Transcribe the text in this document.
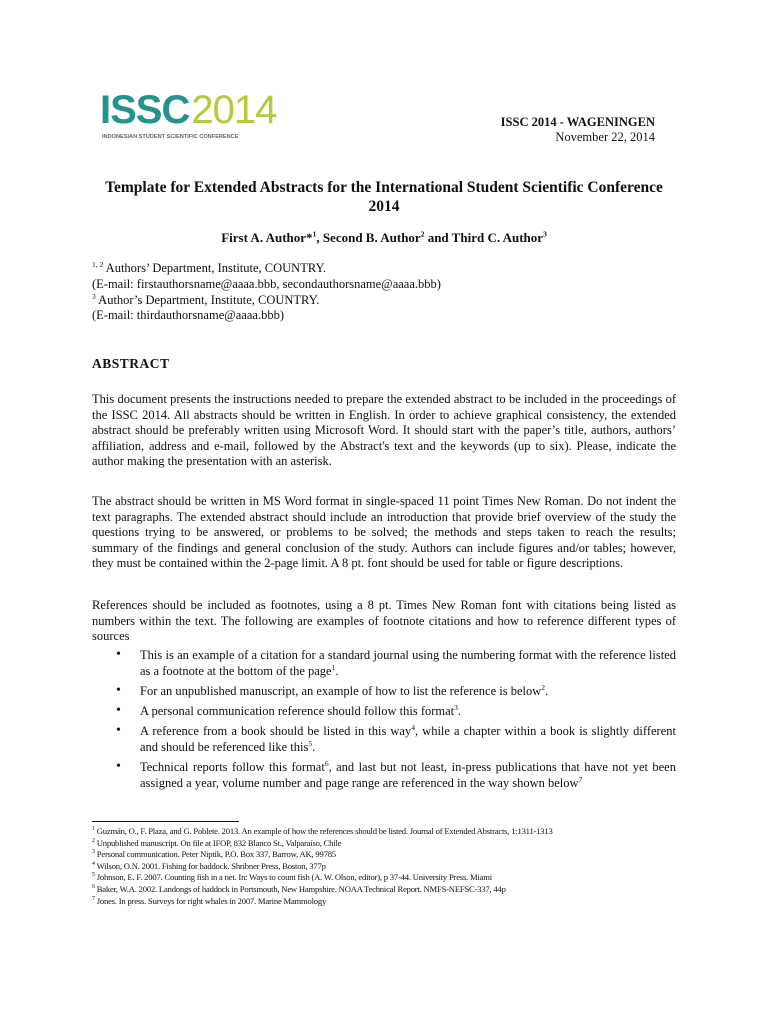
ISSC2014
INDONESIAN STUDENT SCIENTIFIC CONFERENCE
ISSC 2014 - WAGENINGEN
November 22, 2014
Template for Extended Abstracts for the International Student Scientific Conference 2014
First A. Author*$^1$, Second B. Author$^2$ and Third C. Author$^3$
$^{1, 2}$ Authors’ Department, Institute, COUNTRY.
(E-mail: firstauthorsname@aaaa.bbb, secondauthorsname@aaaa.bbb)
$^3$ Author’s Department, Institute, COUNTRY.
(E-mail: thirdauthorsname@aaaa.bbb)
ABSTRACT

This document presents the instructions needed to prepare the extended abstract to be included in the proceedings of the ISSC 2014. All abstracts should be written in English. In order to achieve graphical consistency, the extended abstract should be preferably written using Microsoft Word. It should start with the paper’s title, authors, authors’ affiliation, address and e-mail, followed by the Abstract's text and the keywords (up to six). Please, indicate the author making the presentation with an asterisk.

The abstract should be written in MS Word format in single-spaced 11 point Times New Roman. Do not indent the text paragraphs. The extended abstract should include an introduction that provide brief overview of the study the questions trying to be answered, or problems to be solved; the methods and steps taken to reach the results; summary of the findings and general conclusion of the study. Authors can include figures and/or tables; however, they must be contained within the 2-page limit. A 8 pt. font should be used for table or figure descriptions.

References should be included as footnotes, using a 8 pt. Times New Roman font with citations being listed as numbers within the text. The following are examples of footnote citations and how to reference different types of sources

• This is an example of a citation for a standard journal using the numbering format with the reference listed as a footnote at the bottom of the page$^1$.
• For an unpublished manuscript, an example of how to list the reference is below$^2$.
• A personal communication reference should follow this format$^3$.
• A reference from a book should be listed in this way$^4$, while a chapter within a book is slightly different and should be referenced like this$^5$.
• Technical reports follow this format$^6$, and last but not least, in-press publications that have not yet been assigned a year, volume number and page range are referenced in the way shown below$^7$
$^1$ Guzmán, O., F. Plaza, and G. Poblete. 2013. An example of how the references should be listed. Journal of Extended Abstracts, 1:1311-1313
$^2$ Unpublished manuscript. On file at IFOP, 832 Blanco St., Valparaíso, Chile
$^3$ Personal communication. Peter Niptik, P.O. Box 337, Barrow, AK, 99785
$^4$ Wilson, O.N. 2001. Fishing for haddock. Shribner Press, Boston, 377p
$^5$ Johnson, E. F. 2007. Counting fish in a net. In: Ways to count fish (A. W. Olson, editor), p 37-44. University Press. Miami
$^6$ Baker, W.A. 2002. Landongs of haddock in Portsmouth, New Hampshire. NOAA Technical Report. NMFS-NEFSC-337, 44p
$^7$ Jones. In press. Surveys for right whales in 2007. Marine Mammology
